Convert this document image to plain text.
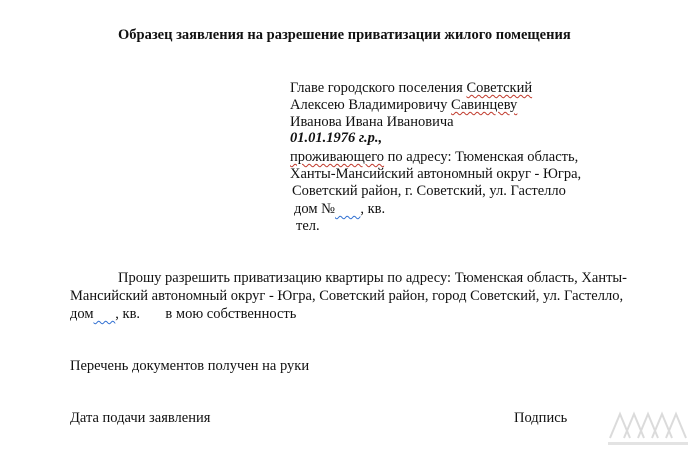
Образец заявления на разрешение приватизации жилого помещения
Главе городского поселения Советский
Алексею Владимировичу Савинцеву
Иванова Ивана Ивановича
01.01.1976 г.р.,
проживающего по адресу: Тюменская область,
Ханты-Мансийский автономный округ - Югра,
Советский район, г. Советский, ул. Гастелло
дом № , кв.
тел.
Прошу разрешить приватизацию квартиры по адресу: Тюменская область, Ханты-
Мансийский автономный округ - Югра, Советский район, город Советский, ул. Гастелло,
дом , кв.       в мою собственность
Перечень документов получен на руки
Дата подачи заявления	Подпись
